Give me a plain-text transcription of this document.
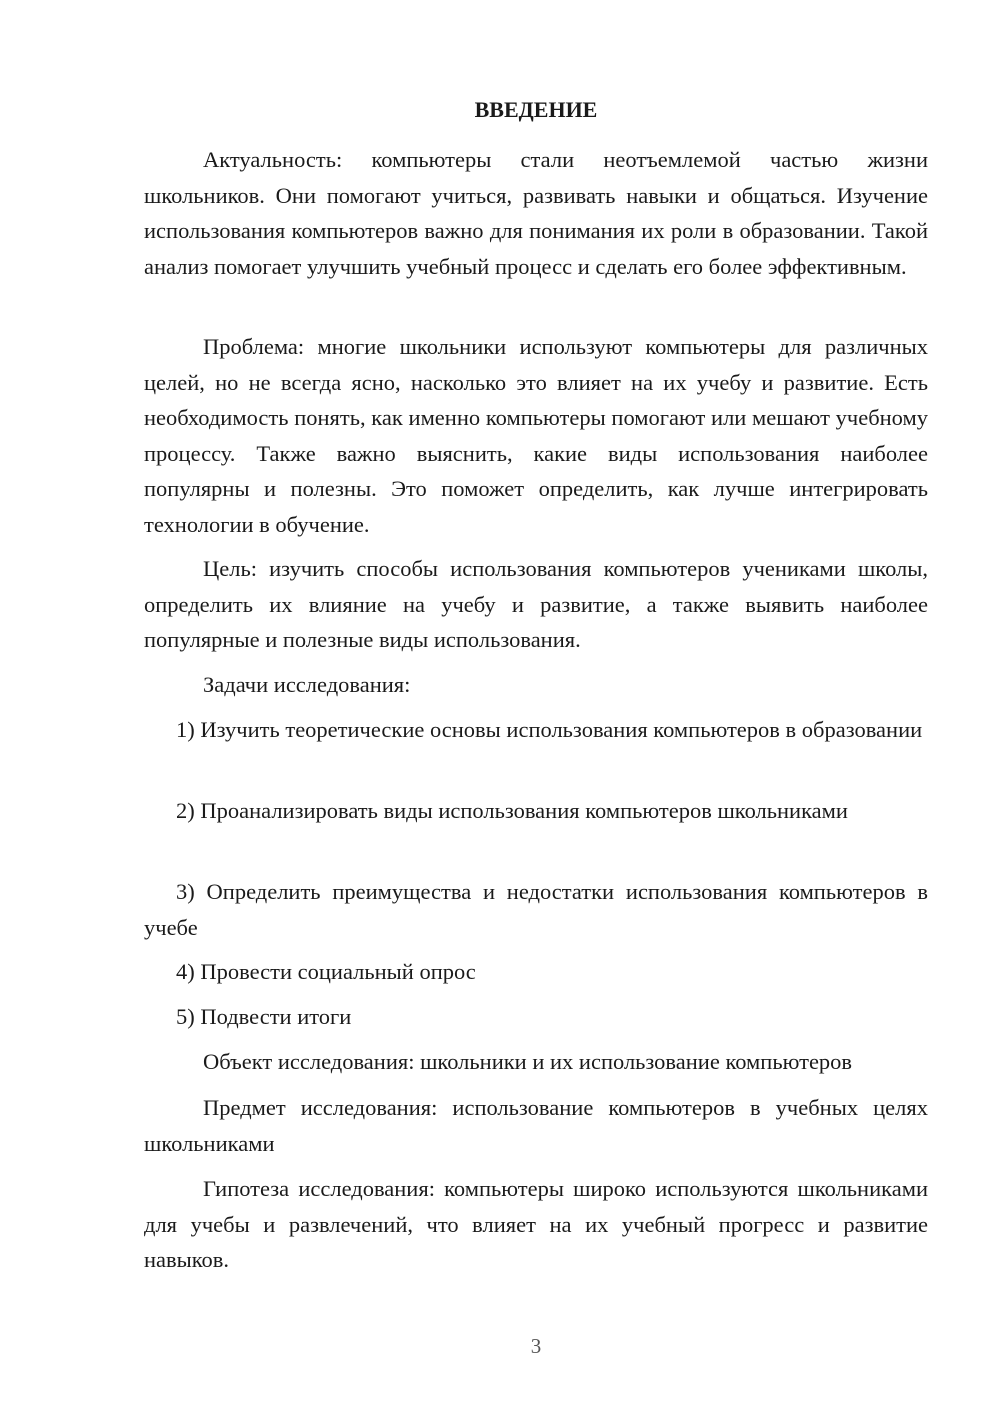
ВВЕДЕНИЕ

Актуальность: компьютеры стали неотъемлемой частью жизни школьников. Они помогают учиться, развивать навыки и общаться. Изучение использования компьютеров важно для понимания их роли в образовании. Такой анализ помогает улучшить учебный процесс и сделать его более эффективным.

Проблема: многие школьники используют компьютеры для различных целей, но не всегда ясно, насколько это влияет на их учебу и развитие. Есть необходимость понять, как именно компьютеры помогают или мешают учебному процессу. Также важно выяснить, какие виды использования наиболее популярны и полезны. Это поможет определить, как лучше интегрировать технологии в обучение.

Цель: изучить способы использования компьютеров учениками школы, определить их влияние на учебу и развитие, а также выявить наиболее популярные и полезные виды использования.

Задачи исследования:

1) Изучить теоретические основы использования компьютеров в образовании

2) Проанализировать виды использования компьютеров школьниками

3) Определить преимущества и недостатки использования компьютеров в учебе

4) Провести социальный опрос

5) Подвести итоги

Объект исследования: школьники и их использование компьютеров

Предмет исследования: использование компьютеров в учебных целях школьниками

Гипотеза исследования: компьютеры широко используются школьниками для учебы и развлечений, что влияет на их учебный прогресс и развитие навыков.

3
